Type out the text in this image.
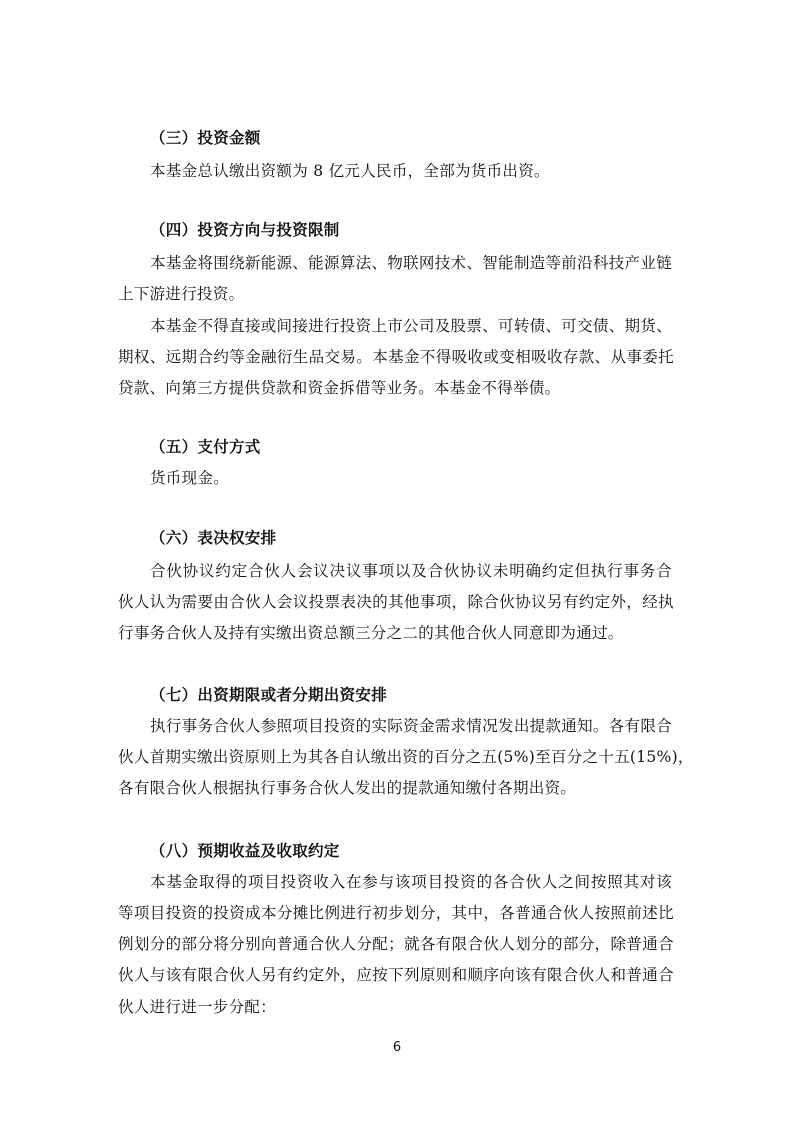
（三）投资金额
本基金总认缴出资额为 8 亿元人民币，全部为货币出资。
（四）投资方向与投资限制
本基金将围绕新能源、能源算法、物联网技术、智能制造等前沿科技产业链
上下游进行投资。
本基金不得直接或间接进行投资上市公司及股票、可转债、可交债、期货、
期权、远期合约等金融衍生品交易。本基金不得吸收或变相吸收存款、从事委托
贷款、向第三方提供贷款和资金拆借等业务。本基金不得举债。
（五）支付方式
货币现金。
（六）表决权安排
合伙协议约定合伙人会议决议事项以及合伙协议未明确约定但执行事务合
伙人认为需要由合伙人会议投票表决的其他事项，除合伙协议另有约定外，经执
行事务合伙人及持有实缴出资总额三分之二的其他合伙人同意即为通过。
（七）出资期限或者分期出资安排
执行事务合伙人参照项目投资的实际资金需求情况发出提款通知。各有限合
伙人首期实缴出资原则上为其各自认缴出资的百分之五(5%)至百分之十五(15%)，
各有限合伙人根据执行事务合伙人发出的提款通知缴付各期出资。
（八）预期收益及收取约定
本基金取得的项目投资收入在参与该项目投资的各合伙人之间按照其对该
等项目投资的投资成本分摊比例进行初步划分，其中，各普通合伙人按照前述比
例划分的部分将分别向普通合伙人分配；就各有限合伙人划分的部分，除普通合
伙人与该有限合伙人另有约定外，应按下列原则和顺序向该有限合伙人和普通合
伙人进行进一步分配：
6
